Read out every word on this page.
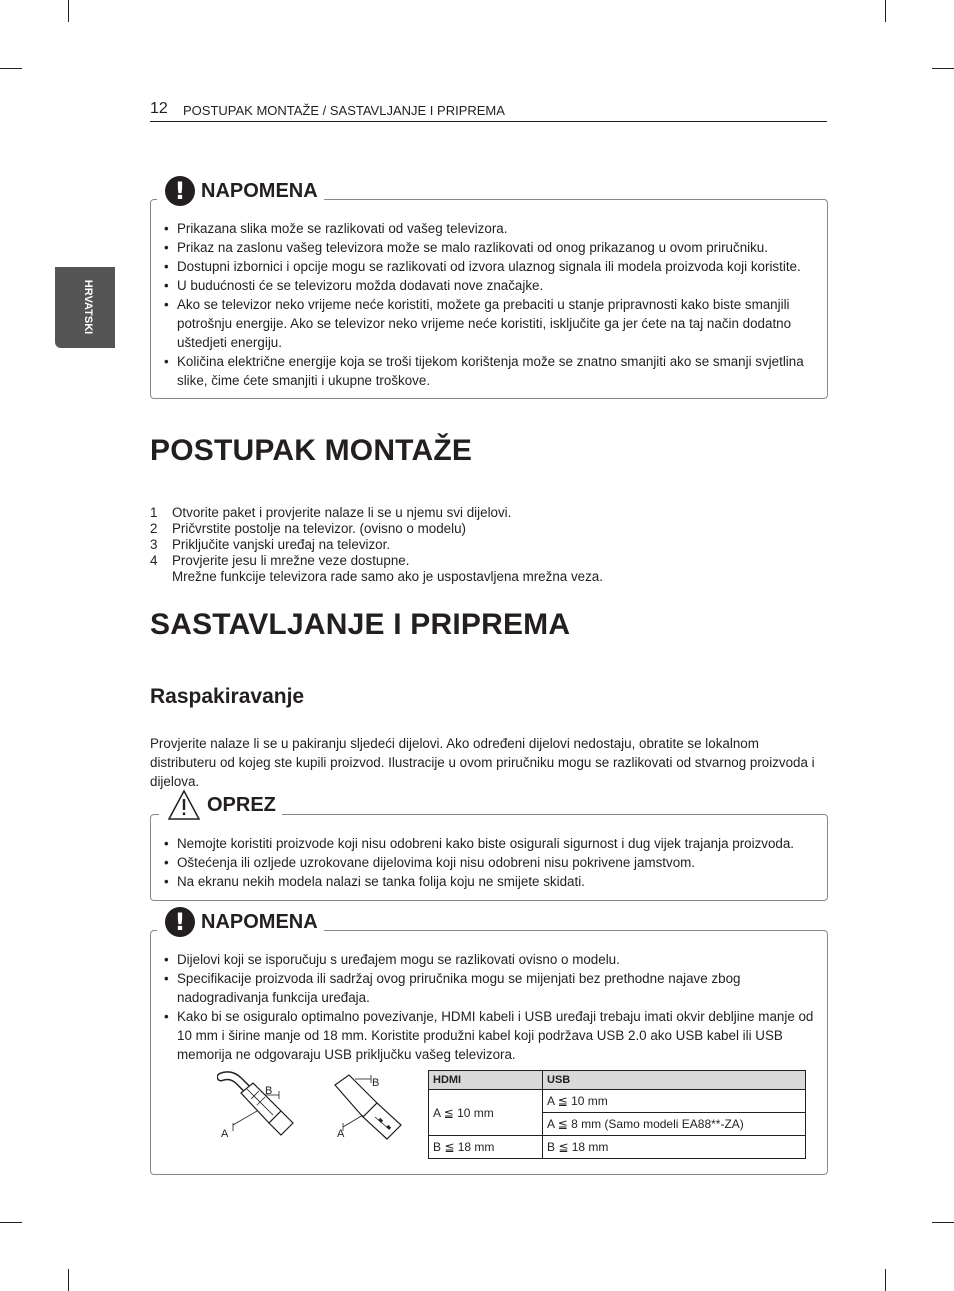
12 POSTUPAK MONTAŽE / SASTAVLJANJE I PRIPREMA
HRVATSKI
! NAPOMENA
• Prikazana slika može se razlikovati od vašeg televizora.
• Prikaz na zaslonu vašeg televizora može se malo razlikovati od onog prikazanog u ovom priručniku.
• Dostupni izbornici i opcije mogu se razlikovati od izvora ulaznog signala ili modela proizvoda koji koristite.
• U budućnosti će se televizoru možda dodavati nove značajke.
• Ako se televizor neko vrijeme neće koristiti, možete ga prebaciti u stanje pripravnosti kako biste smanjili potrošnju energije. Ako se televizor neko vrijeme neće koristiti, isključite ga jer ćete na taj način dodatno uštedjeti energiju.
• Količina električne energije koja se troši tijekom korištenja može se znatno smanjiti ako se smanji svjetlina slike, čime ćete smanjiti i ukupne troškove.
POSTUPAK MONTAŽE
1	Otvorite paket i provjerite nalaze li se u njemu svi dijelovi.
2	Pričvrstite postolje na televizor. (ovisno o modelu)
3	Priključite vanjski uređaj na televizor.
4	Provjerite jesu li mrežne veze dostupne.
Mrežne funkcije televizora rade samo ako je uspostavljena mrežna veza.
SASTAVLJANJE I PRIPREMA
Raspakiravanje
Provjerite nalaze li se u pakiranju sljedeći dijelovi. Ako određeni dijelovi nedostaju, obratite se lokalnom distributeru od kojeg ste kupili proizvod. Ilustracije u ovom priručniku mogu se razlikovati od stvarnog proizvoda i dijelova.
OPREZ
• Nemojte koristiti proizvode koji nisu odobreni kako biste osigurali sigurnost i dug vijek trajanja proizvoda.
• Oštećenja ili ozljede uzrokovane dijelovima koji nisu odobreni nisu pokrivene jamstvom.
• Na ekranu nekih modela nalazi se tanka folija koju ne smijete skidati.
! NAPOMENA
• Dijelovi koji se isporučuju s uređajem mogu se razlikovati ovisno o modelu.
• Specifikacije proizvoda ili sadržaj ovog priručnika mogu se mijenjati bez prethodne najave zbog nadogradivanja funkcija uređaja.
• Kako bi se osiguralo optimalno povezivanje, HDMI kabeli i USB uređaji trebaju imati okvir debljine manje od 10 mm i širine manje od 18 mm. Koristite produžni kabel koji podržava USB 2.0 ako USB kabel ili USB memorija ne odgovaraju USB priključku vašeg televizora.
B
A
B
A
HDMI	USB
A ≦ 10 mm	A ≦ 10 mm
	A ≦ 8 mm (Samo modeli EA88**-ZA)
B ≦ 18 mm	B ≦ 18 mm
